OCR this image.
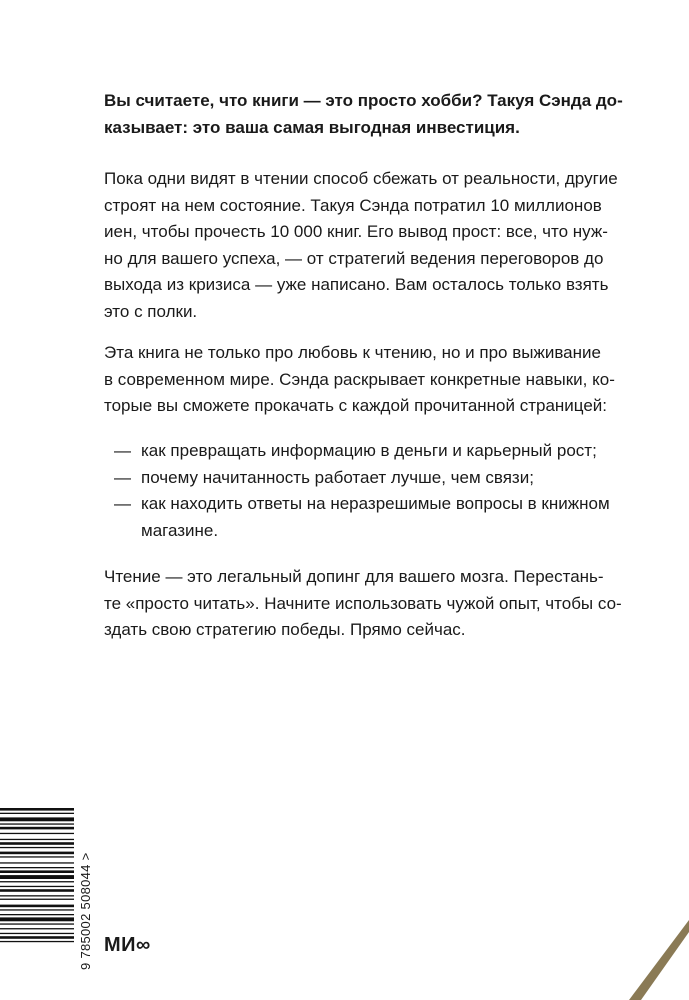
Вы считаете, что книги — это просто хобби? Такуя Сэнда до-
казывает: это ваша самая выгодная инвестиция.
Пока одни видят в чтении способ сбежать от реальности, другие
строят на нем состояние. Такуя Сэнда потратил 10 миллионов
иен, чтобы прочесть 10 000 книг. Его вывод прост: все, что нуж-
но для вашего успеха, — от стратегий ведения переговоров до
выхода из кризиса — уже написано. Вам осталось только взять
это с полки.
Эта книга не только про любовь к чтению, но и про выживание
в современном мире. Сэнда раскрывает конкретные навыки, ко-
торые вы сможете прокачать с каждой прочитанной страницей:
— как превращать информацию в деньги и карьерный рост;
— почему начитанность работает лучше, чем связи;
— как находить ответы на неразрешимые вопросы в книжном
магазине.
Чтение — это легальный допинг для вашего мозга. Перестань-
те «просто читать». Начните использовать чужой опыт, чтобы со-
здать свою стратегию победы. Прямо сейчас.
9 785002 508044 > МИ∞
